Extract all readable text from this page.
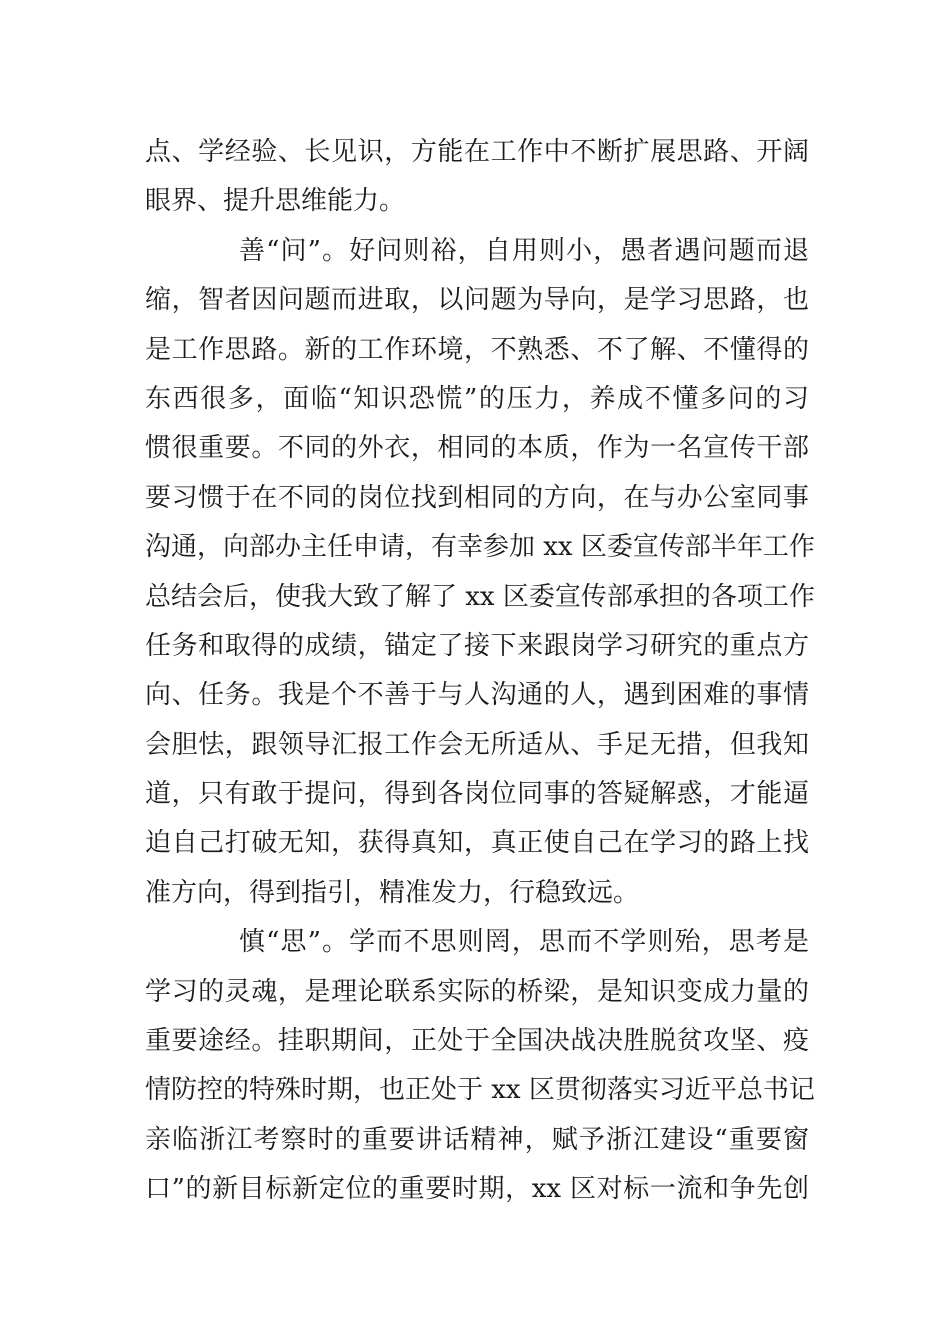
点、学经验、长见识，方能在工作中不断扩展思路、开阔
眼界、提升思维能力。
善“问”。好问则裕，自用则小，愚者遇问题而退
缩，智者因问题而进取，以问题为导向，是学习思路，也
是工作思路。新的工作环境，不熟悉、不了解、不懂得的
东西很多，面临“知识恐慌”的压力，养成不懂多问的习
惯很重要。不同的外衣，相同的本质，作为一名宣传干部
要习惯于在不同的岗位找到相同的方向，在与办公室同事
沟通，向部办主任申请，有幸参加 xx 区委宣传部半年工作
总结会后，使我大致了解了 xx 区委宣传部承担的各项工作
任务和取得的成绩，锚定了接下来跟岗学习研究的重点方
向、任务。我是个不善于与人沟通的人，遇到困难的事情
会胆怯，跟领导汇报工作会无所适从、手足无措，但我知
道，只有敢于提问，得到各岗位同事的答疑解惑，才能逼
迫自己打破无知，获得真知，真正使自己在学习的路上找
准方向，得到指引，精准发力，行稳致远。
慎“思”。学而不思则罔，思而不学则殆，思考是
学习的灵魂，是理论联系实际的桥梁，是知识变成力量的
重要途经。挂职期间，正处于全国决战决胜脱贫攻坚、疫
情防控的特殊时期，也正处于 xx 区贯彻落实习近平总书记
亲临浙江考察时的重要讲话精神，赋予浙江建设“重要窗
口”的新目标新定位的重要时期，xx 区对标一流和争先创
